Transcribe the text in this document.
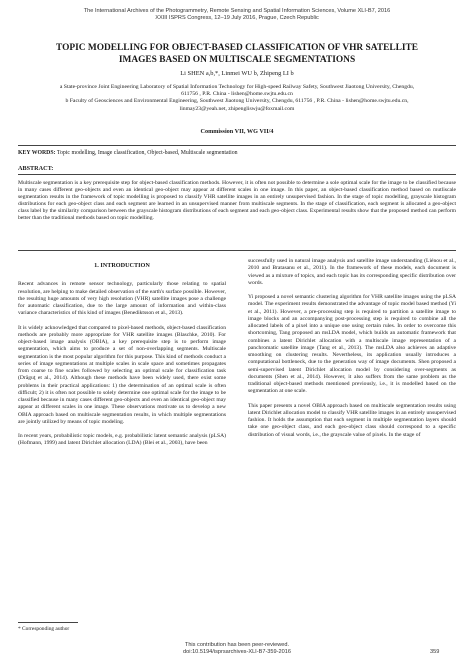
The International Archives of the Photogrammetry, Remote Sensing and Spatial Information Sciences, Volume XLI-B7, 2016
XXIII ISPRS Congress, 12–19 July 2016, Prague, Czech Republic
TOPIC MODELLING FOR OBJECT-BASED CLASSIFICATION OF VHR SATELLITE
IMAGES BASED ON MULTISCALE SEGMENTATIONS
Li SHEN a,b,*, Linmei WU b, Zhipeng LI b
a State-province Joint Engineering Laboratory of Spatial Information Technology for High-speed Railway Safety, Southwest Jiaotong University, Chengdu, 611756 , P.R. China - lishen@home.swjtu.edu.cn
b Faculty of Geosciences and Environmental Engineering, Southwest Jiaotong University, Chengdu, 611756 , P.R. China - lishen@home.swjtu.edu.cn, linmay23@yeah.net, zhipengliswju@foxmail.com
Commission VII, WG VII/4
KEY WORDS: Topic modelling, Image classification, Object-based, Multiscale segmentation
ABSTRACT:
Multiscale segmentation is a key prerequisite step for object-based classification methods. However, it is often not possible to determine a sole optimal scale for the image to be classified because in many cases different geo-objects and even an identical geo-object may appear at different scales in one image. In this paper, an object-based classification method based on mutliscale segmentation results in the framework of topic modelling is proposed to classify VHR satellite images in an entirely unsupervised fashion. In the stage of topic modelling, grayscale histogram distributions for each geo-object class and each segment are learned in an unsupervised manner from multiscale segments. In the stage of classification, each segment is allocated a geo-object class label by the similarity comparison between the grayscale histogram distributions of each segment and each geo-object class. Experimental results show that the proposed method can perform better than the traditional methods based on topic modelling.
1. INTRODUCTION

Recent advances in remote sensor technology, particularly those relating to spatial resolution, are helping to make detailed observation of the earth's surface possible. However, the resulting huge amounts of very high resolution (VHR) satellite images pose a challenge for automatic classification, due to the large amount of information and within-class variance characteristics of this kind of images (Benediktsson et al., 2013).

It is widely acknowledged that compared to pixel-based methods, object-based classification methods are probably more appropriate for VHR satellite images (Blaschke, 2010). For object-based image analysis (OBIA), a key prerequisite step is to perform image segmentation, which aims to produce a set of non-overlapping segments. Multiscale segmentation is the most popular algorithm for this purpose. This kind of methods conduct a series of image segmentations at multiple scales in scale space and sometimes propagates from coarse to fine scales followed by selecting an optimal scale for classification task (Drăguţ et al., 2014). Although these methods have been widely used, there exist some problems in their practical applications: 1) the determination of an optimal scale is often difficult; 2) it is often not possible to solely determine one optimal scale for the image to be classified because in many cases different geo-objects and even an identical geo-object may appear at different scales in one image. These observations motivate us to develop a new OBIA approach based on multiscale segmentation results, in which multiple segmentations are jointly utilized by means of topic modeling.

In recent years, probabilistic topic models, e.g. probabilistic latent semantic analysis (pLSA) (Hofmann, 1999) and latent Dirichlet allocation (LDA) (Blei et al., 2003), have been

successfully used in natural image analysis and satellite image understanding (Liénou et al., 2010 and Bratasanu et al., 2011). In the framework of these models, each document is viewed as a mixture of topics, and each topic has its corresponding specific distribution over words.

Yi proposed a novel semantic clustering algorithm for VHR satellite images using the pLSA model. The experiment results demonstrated the advantage of topic model based method (Yi et al., 2011). However, a pre-processing step is required to partition a satellite image to image blocks and an accompanying post-processing step is required to combine all the allocated labels of a pixel into a unique one using certain rules. In order to overcome this shortcoming, Tang proposed an msLDA model, which builds an automatic framework that combines a latent Dirichlet allocation with a multiscale image representation of a panchromatic satellite image (Tang et al., 2013). The msLDA also achieves an adaptive smoothing on clustering results. Nevertheless, its application usually introduces a computational bottleneck, due to the generation way of image documents. Shen proposed a semi-supervised latent Dirichlet allocation model by considering over-segments as documents (Shen et al., 2014). However, it also suffers from the same problem as the traditional object-based methods mentioned previously, i.e., it is modelled based on the segmentation at one scale.

This paper presents a novel OBIA approach based on multiscale segmentation results using latent Dirichlet allocation model to classify VHR satellite images in an entirely unsupervised fashion. It holds the assumption that each segment in multiple segmentation layers should take one geo-object class, and each geo-object class should correspond to a specific distribution of visual words, i.e., the grayscale value of pixels. In the stage of

* Corresponding author
This contribution has been peer-reviewed.
doi:10.5194/isprsarchives-XLI-B7-359-2016	359
